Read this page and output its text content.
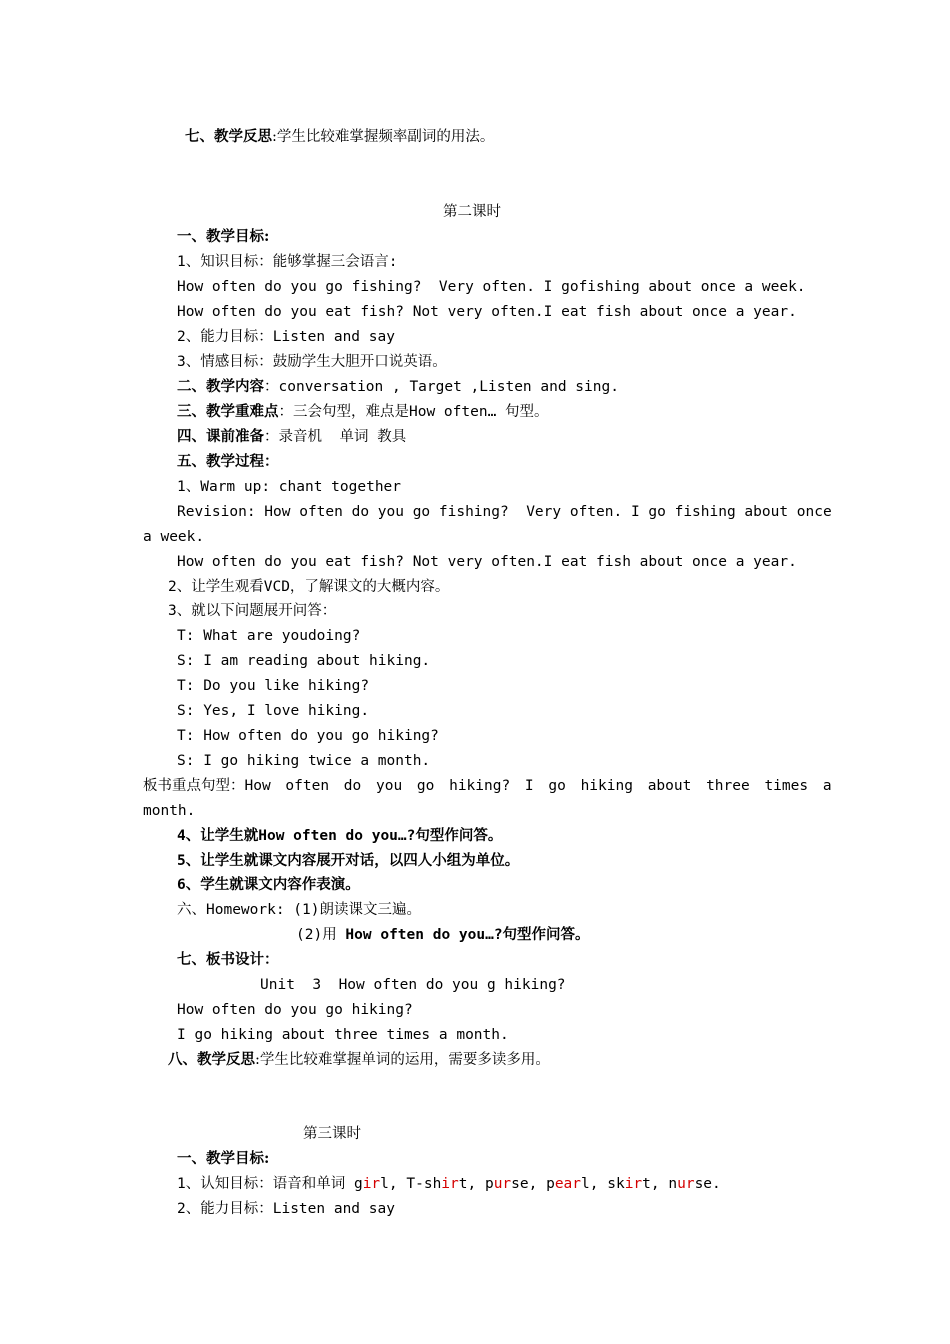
七、教学反思:学生比较难掌握频率副词的用法。
第二课时
一、教学目标:
1、知识目标：能够掌握三会语言:
How often do you go fishing?  Very often. I gofishing about once a week.
How often do you eat fish? Not very often.I eat fish about once a year.
2、能力目标：Listen and say
3、情感目标：鼓励学生大胆开口说英语。
二、教学内容：conversation , Target ,Listen and sing.
三、教学重难点：三会句型，难点是How often… 句型。
四、课前准备：录音机  单词 教具
五、教学过程：
1、Warm up: chant together
Revision: How often do you go fishing?  Very often. I go fishing about once
a week.
How often do you eat fish? Not very often.I eat fish about once a year.
2、让学生观看VCD，了解课文的大概内容。
3、就以下问题展开问答：
T: What are youdoing?
S: I am reading about hiking.
T: Do you like hiking?
S: Yes, I love hiking.
T: How often do you go hiking?
S: I go hiking twice a month.
板书重点句型：How often do you go hiking? I go hiking about three times a
month.
4、让学生就How often do you…?句型作问答。
5、让学生就课文内容展开对话，以四人小组为单位。
6、学生就课文内容作表演。
六、Homework: (1)朗读课文三遍。
(2)用 How often do you…?句型作问答。
七、板书设计：
Unit  3  How often do you g hiking?
How often do you go hiking?
I go hiking about three times a month.
八、教学反思:学生比较难掌握单词的运用，需要多读多用。
第三课时
一、教学目标:
1、认知目标：语音和单词 girl, T-shirt, purse, pearl, skirt, nurse.
2、能力目标：Listen and say
